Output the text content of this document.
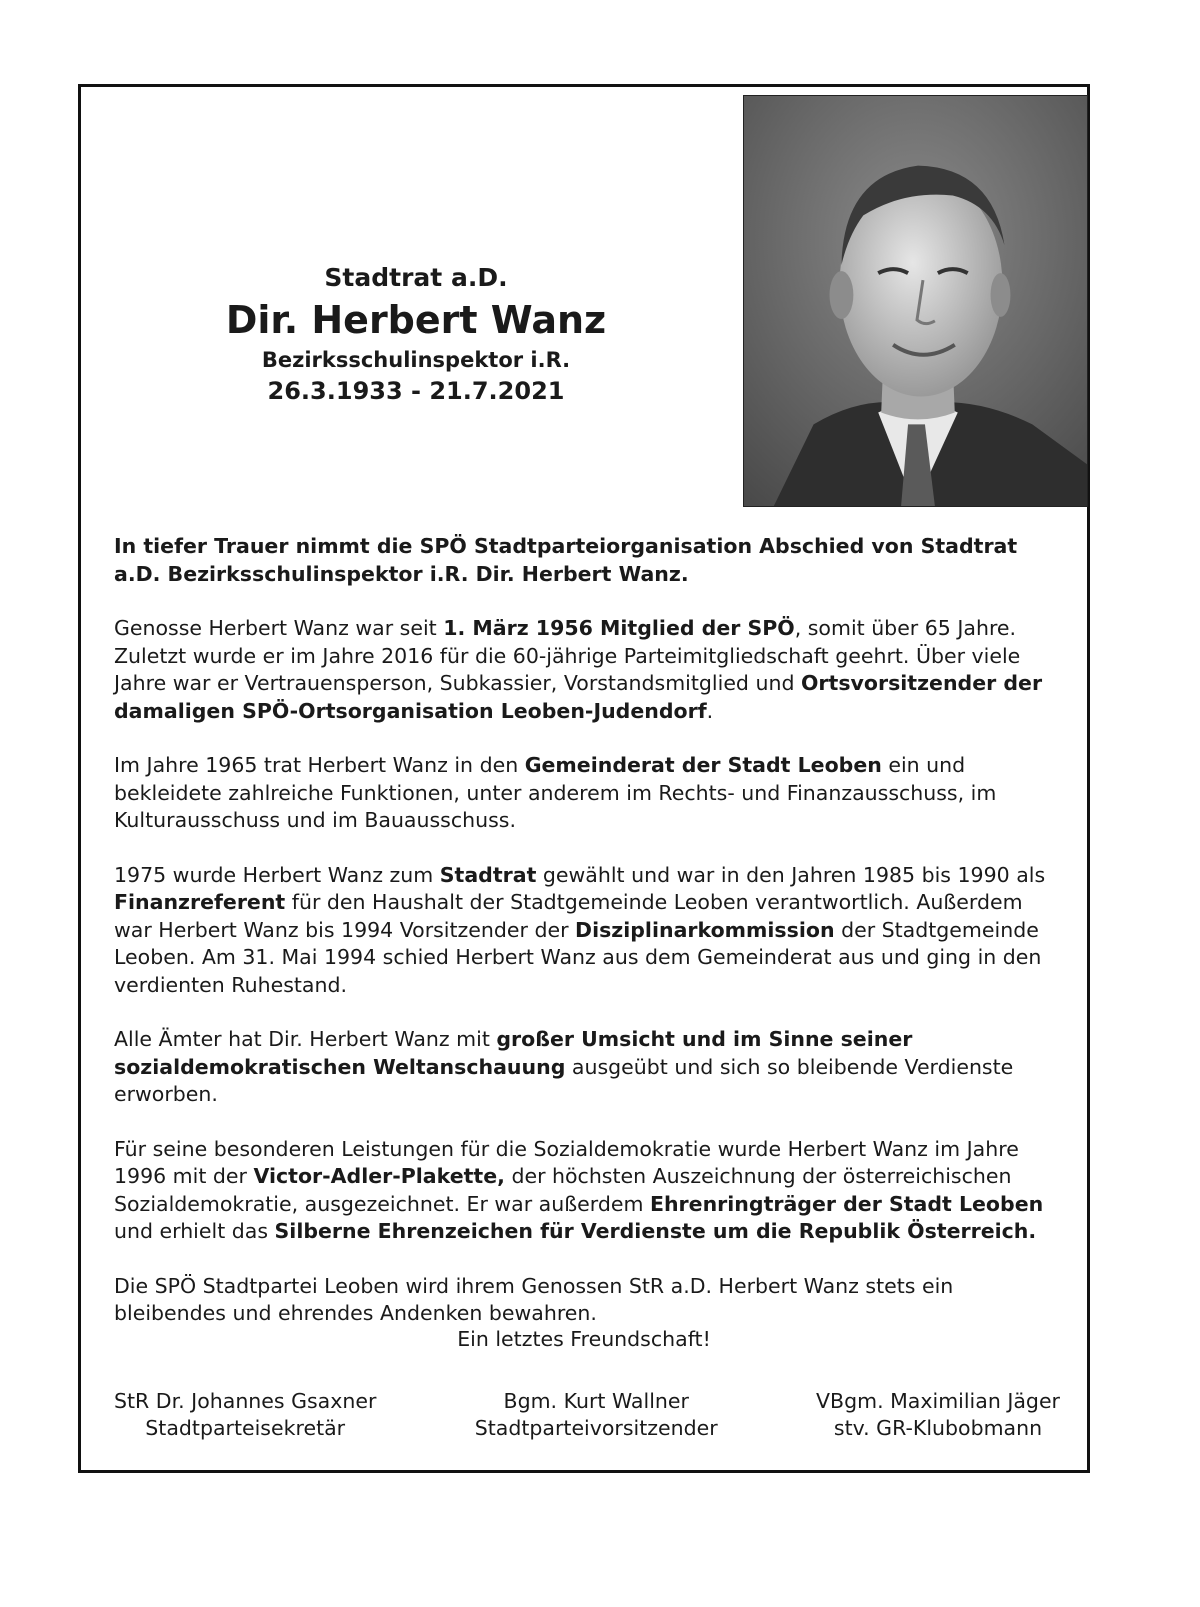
Stadtrat a.D.
Dir. Herbert Wanz
Bezirksschulinspektor i.R.
26.3.1933 - 21.7.2021

In tiefer Trauer nimmt die SPÖ Stadtparteiorganisation Abschied von Stadtrat a.D. Bezirksschulinspektor i.R. Dir. Herbert Wanz.

Genosse Herbert Wanz war seit 1. März 1956 Mitglied der SPÖ, somit über 65 Jahre. Zuletzt wurde er im Jahre 2016 für die 60-jährige Parteimitgliedschaft geehrt. Über viele Jahre war er Vertrauensperson, Subkassier, Vorstandsmitglied und Ortsvorsitzender der damaligen SPÖ-Ortsorganisation Leoben-Judendorf.

Im Jahre 1965 trat Herbert Wanz in den Gemeinderat der Stadt Leoben ein und bekleidete zahlreiche Funktionen, unter anderem im Rechts- und Finanzausschuss, im Kulturausschuss und im Bauausschuss.

1975 wurde Herbert Wanz zum Stadtrat gewählt und war in den Jahren 1985 bis 1990 als Finanzreferent für den Haushalt der Stadtgemeinde Leoben verantwortlich. Außerdem war Herbert Wanz bis 1994 Vorsitzender der Disziplinarkommission der Stadtgemeinde Leoben. Am 31. Mai 1994 schied Herbert Wanz aus dem Gemeinderat aus und ging in den verdienten Ruhestand.

Alle Ämter hat Dir. Herbert Wanz mit großer Umsicht und im Sinne seiner sozialdemokratischen Weltanschauung ausgeübt und sich so bleibende Verdienste erworben.

Für seine besonderen Leistungen für die Sozialdemokratie wurde Herbert Wanz im Jahre 1996 mit der Victor-Adler-Plakette, der höchsten Auszeichnung der österreichischen Sozialdemokratie, ausgezeichnet. Er war außerdem Ehrenringträger der Stadt Leoben und erhielt das Silberne Ehrenzeichen für Verdienste um die Republik Österreich.

Die SPÖ Stadtpartei Leoben wird ihrem Genossen StR a.D. Herbert Wanz stets ein bleibendes und ehrendes Andenken bewahren.

Ein letztes Freundschaft!
StR Dr. Johannes Gsaxner
Stadtparteisekretär
Bgm. Kurt Wallner
Stadtparteivorsitzender
VBgm. Maximilian Jäger
stv. GR-Klubobmann
